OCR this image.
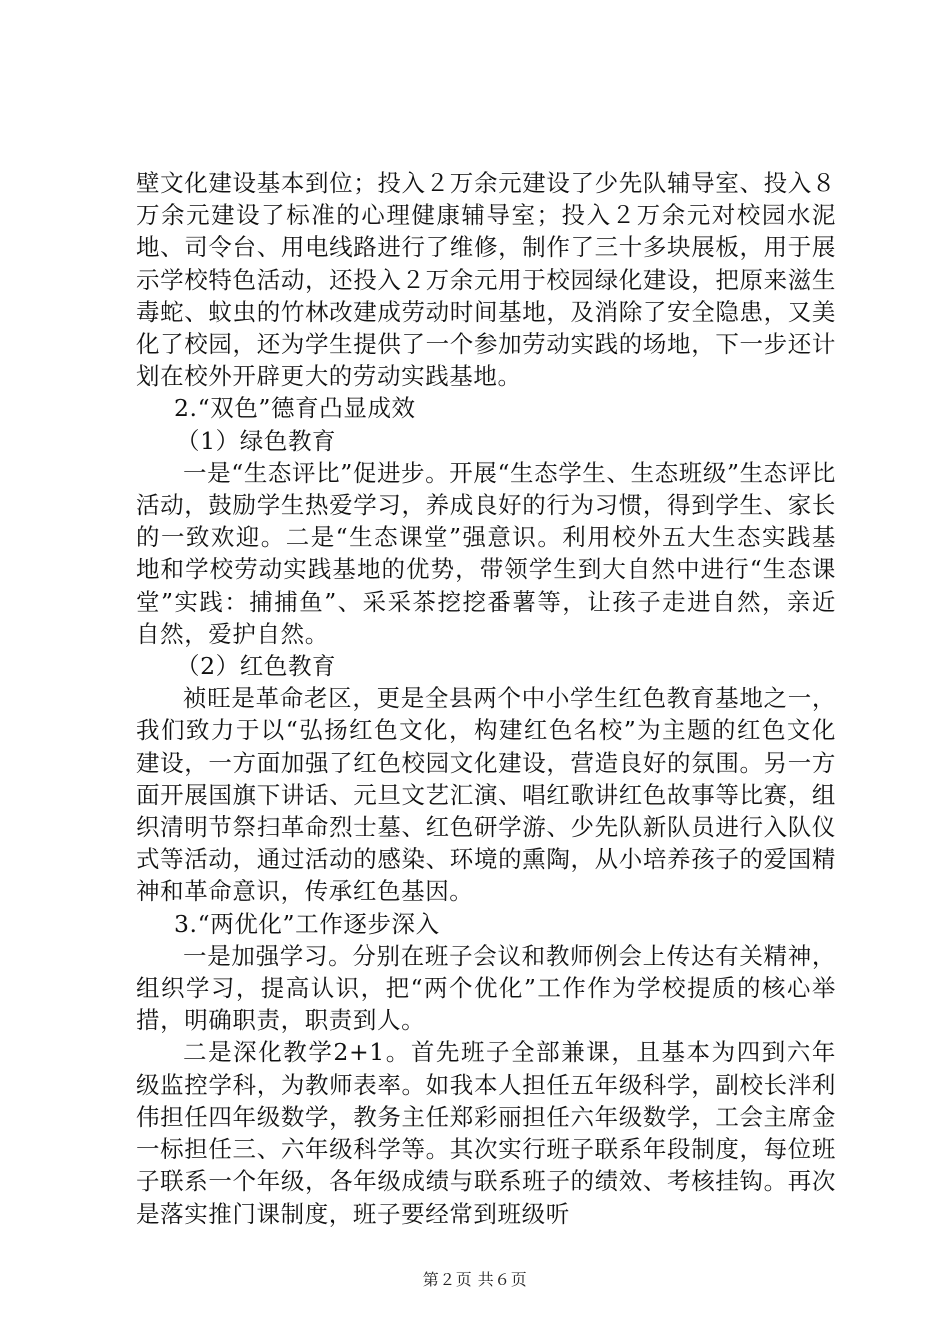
壁文化建设基本到位；投入２万余元建设了少先队辅导室、投入８万余元建设了标准的心理健康辅导室；投入２万余元对校园水泥地、司令台、用电线路进行了维修，制作了三十多块展板，用于展示学校特色活动，还投入２万余元用于校园绿化建设，把原来滋生毒蛇、蚊虫的竹林改建成劳动时间基地，及消除了安全隐患，又美化了校园，还为学生提供了一个参加劳动实践的场地，下一步还计划在校外开辟更大的劳动实践基地。

2.“双色”德育凸显成效

（1）绿色教育

一是“生态评比”促进步。开展“生态学生、生态班级”生态评比活动，鼓励学生热爱学习，养成良好的行为习惯，得到学生、家长的一致欢迎。二是“生态课堂”强意识。利用校外五大生态实践基地和学校劳动实践基地的优势，带领学生到大自然中进行“生态课堂”实践：捕捕鱼”、采采茶挖挖番薯等，让孩子走进自然，亲近自然，爱护自然。

（2）红色教育

祯旺是革命老区，更是全县两个中小学生红色教育基地之一，我们致力于以“弘扬红色文化，构建红色名校”为主题的红色文化建设，一方面加强了红色校园文化建设，营造良好的氛围。另一方面开展国旗下讲话、元旦文艺汇演、唱红歌讲红色故事等比赛，组织清明节祭扫革命烈士墓、红色研学游、少先队新队员进行入队仪式等活动，通过活动的感染、环境的熏陶，从小培养孩子的爱国精神和革命意识，传承红色基因。

3.“两优化”工作逐步深入

一是加强学习。分别在班子会议和教师例会上传达有关精神，组织学习，提高认识，把“两个优化”工作作为学校提质的核心举措，明确职责，职责到人。

二是深化教学2+1。首先班子全部兼课，且基本为四到六年级监控学科，为教师表率。如我本人担任五年级科学，副校长泮利伟担任四年级数学，教务主任郑彩丽担任六年级数学，工会主席金一标担任三、六年级科学等。其次实行班子联系年段制度，每位班子联系一个年级，各年级成绩与联系班子的绩效、考核挂钩。再次是落实推门课制度，班子要经常到班级听

第２页 共６页
